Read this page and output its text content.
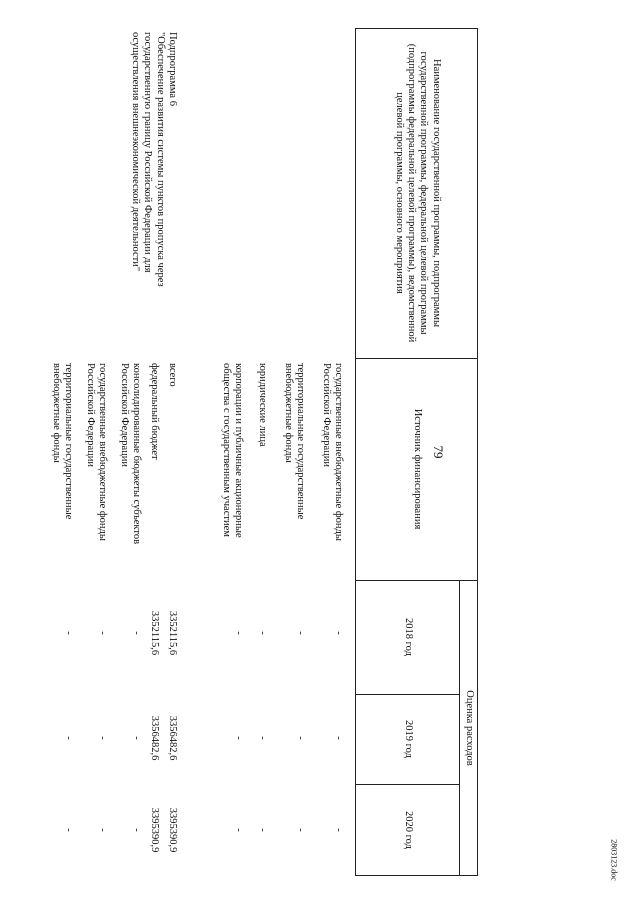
79
2803123.doc
Наименование государственной программы, подпрограммы государственной программы, федеральной целевой программы (подпрограммы федеральной целевой программы), ведомственной целевой программы, основного мероприятия
Источник финансирования
Оценка расходов
2018 год
2019 год
2020 год
Подпрограмма 6
"Обеспечение развития системы пунктов пропуска через государственную границу Российской Федерации для осуществления внешнеэкономической деятельности"
государственные внебюджетные фонды Российской Федерации
-
-
-
территориальные государственные внебюджетные фонды
-
-
-
юридические лица
-
-
-
корпорации и публичные акционерные общества с государственным участием
-
-
-
всего
3352115,6
3356482,6
3395390,9
федеральный бюджет
3352115,6
3356482,6
3395390,9
консолидированные бюджеты субъектов Российской Федерации
-
-
-
государственные внебюджетные фонды Российской Федерации
-
-
-
территориальные государственные внебюджетные фонды
-
-
-
